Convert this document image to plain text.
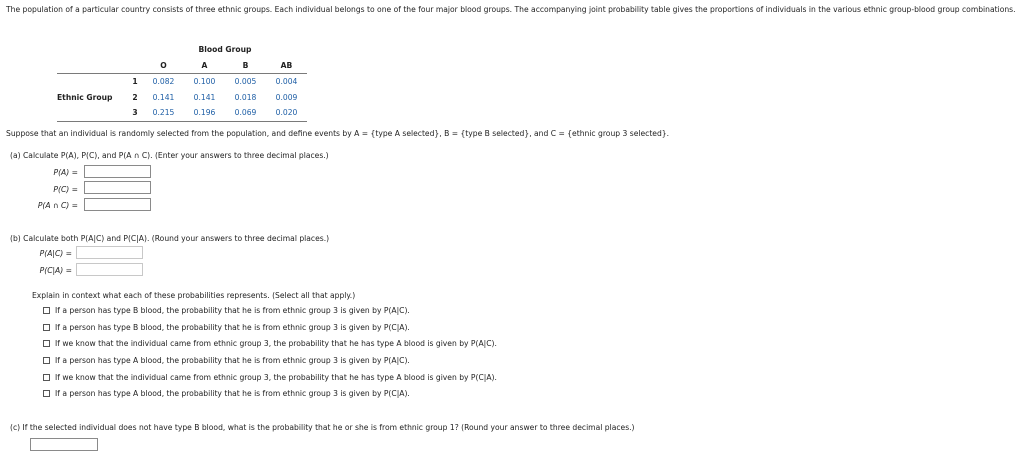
The population of a particular country consists of three ethnic groups. Each individual belongs to one of the four major blood groups. The accompanying joint probability table gives the proportions of individuals in the various ethnic group-blood group combinations.
		Blood Group			
		O	A	B	AB
	1	0.082	0.100	0.005	0.004
Ethnic Group	2	0.141	0.141	0.018	0.009
	3	0.215	0.196	0.069	0.020
Suppose that an individual is randomly selected from the population, and define events by A = {type A selected}, B = {type B selected}, and C = {ethnic group 3 selected}.
(a) Calculate P(A), P(C), and P(A ∩ C). (Enter your answers to three decimal places.)
P(A) =
P(C) =
P(A ∩ C) =
(b) Calculate both P(A|C) and P(C|A). (Round your answers to three decimal places.)
P(A|C) =
P(C|A) =
Explain in context what each of these probabilities represents. (Select all that apply.)
If a person has type B blood, the probability that he is from ethnic group 3 is given by P(A|C).
If a person has type B blood, the probability that he is from ethnic group 3 is given by P(C|A).
If we know that the individual came from ethnic group 3, the probability that he has type A blood is given by P(A|C).
If a person has type A blood, the probability that he is from ethnic group 3 is given by P(A|C).
If we know that the individual came from ethnic group 3, the probability that he has type A blood is given by P(C|A).
If a person has type A blood, the probability that he is from ethnic group 3 is given by P(C|A).
(c) If the selected individual does not have type B blood, what is the probability that he or she is from ethnic group 1? (Round your answer to three decimal places.)
